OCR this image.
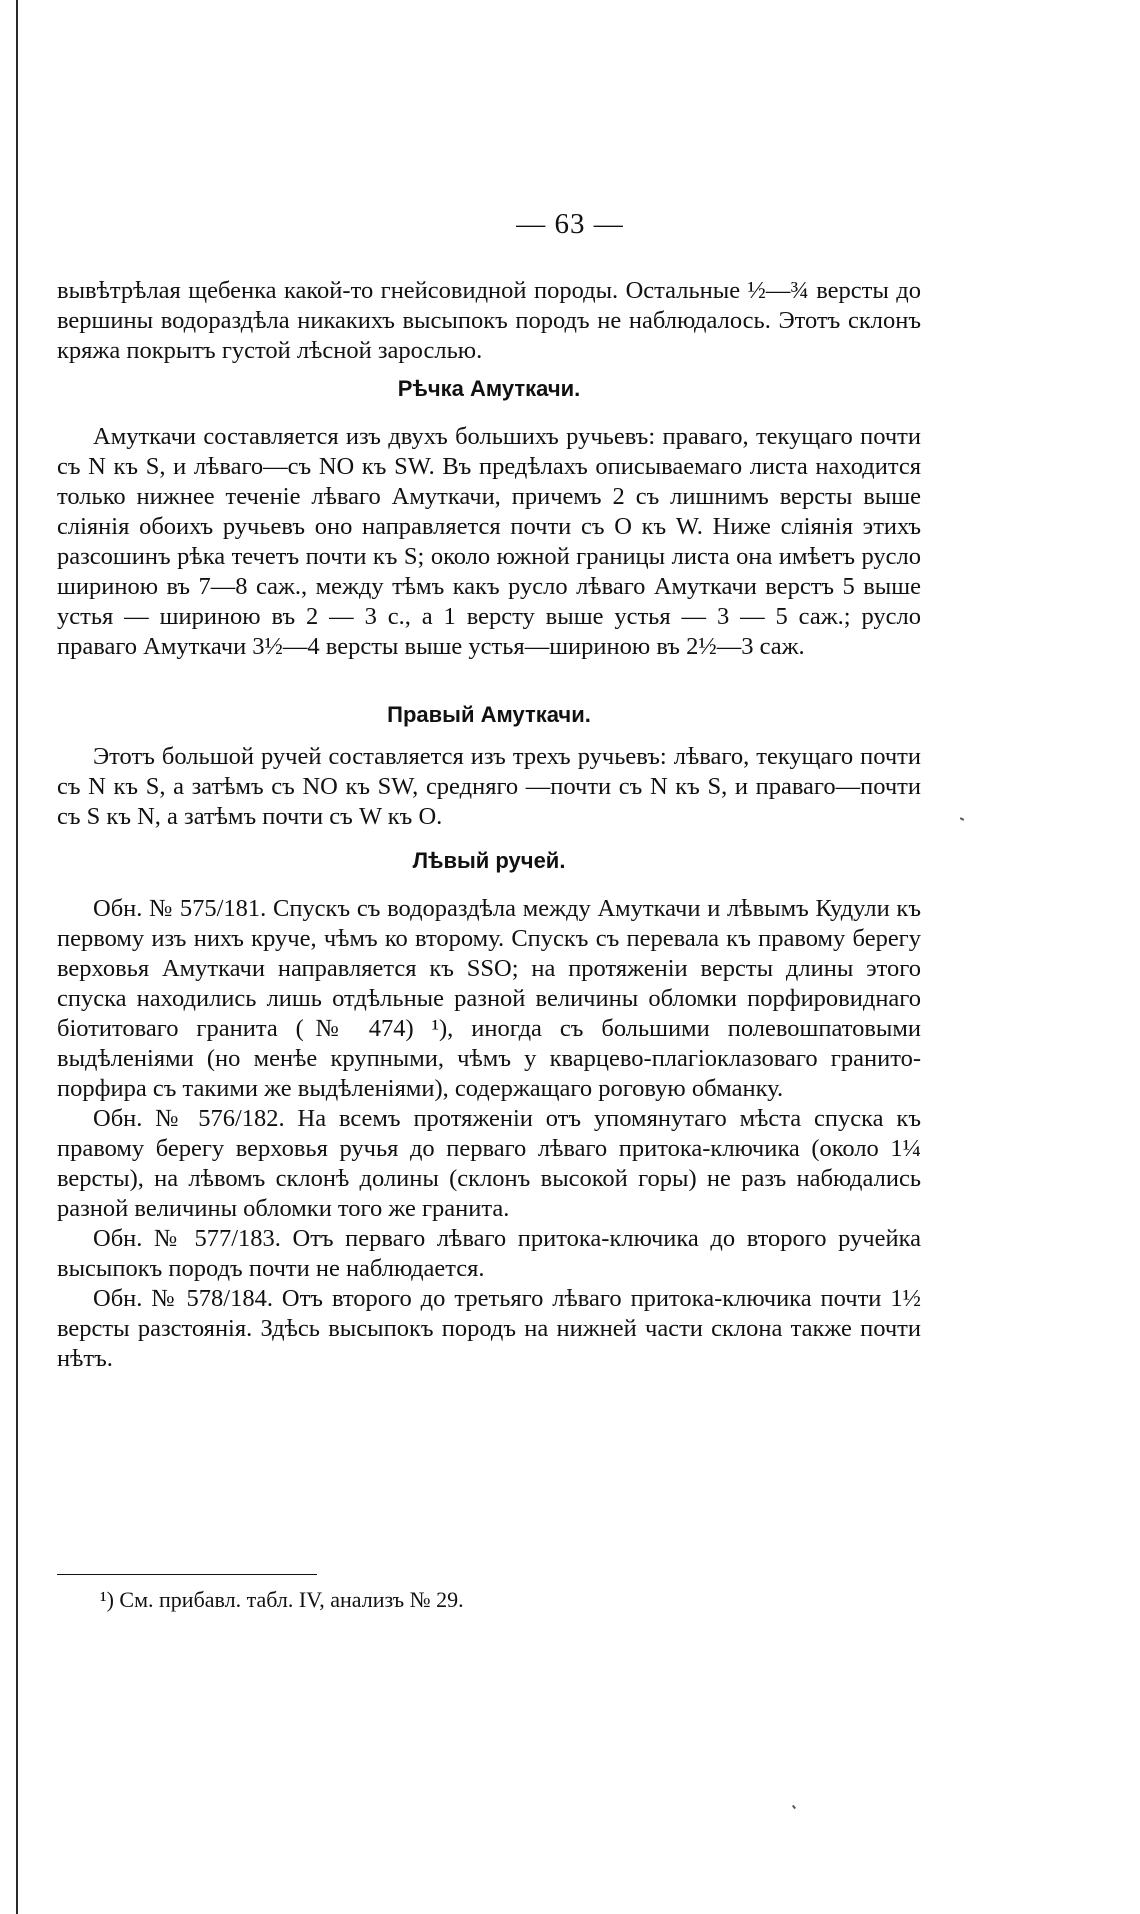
— 63 —

вывѣтрѣлая щебенка какой-то гнейсовидной породы. Остальные ½—¾ версты до вершины водораздѣла никакихъ высыпокъ породъ не наблюдалось. Этотъ склонъ кряжа покрытъ густой лѣсной зарослью.

Рѣчка Амуткачи.

Амуткачи составляется изъ двухъ большихъ ручьевъ: праваго, текущаго почти съ N къ S, и лѣваго—съ NO къ SW. Въ предѣлахъ описываемаго листа находится только нижнее теченіе лѣваго Амуткачи, причемъ 2 съ лишнимъ версты выше сліянія обоихъ ручьевъ оно направляется почти съ O къ W. Ниже сліянія этихъ разсошинъ рѣка течетъ почти къ S; около южной границы листа она имѣетъ русло шириною въ 7—8 саж., между тѣмъ какъ русло лѣваго Амуткачи верстъ 5 выше устья — шириною въ 2 — 3 с., а 1 версту выше устья — 3 — 5 саж.; русло праваго Амуткачи 3½—4 версты выше устья—шириною въ 2½—3 саж.

Правый Амуткачи.

Этотъ большой ручей составляется изъ трехъ ручьевъ: лѣваго, текущаго почти съ N къ S, а затѣмъ съ NO къ SW, средняго —почти съ N къ S, и праваго—почти съ S къ N, а затѣмъ почти съ W къ O.

Лѣвый ручей.

Обн. № 575/181. Спускъ съ водораздѣла между Амуткачи и лѣвымъ Кудули къ первому изъ нихъ круче, чѣмъ ко второму. Спускъ съ перевала къ правому берегу верховья Амуткачи направляется къ SSO; на протяженіи версты длины этого спуска находились лишь отдѣльные разной величины обломки порфировиднаго біотитоваго гранита (№ 474) ¹), иногда съ большими полевошпатовыми выдѣленіями (но менѣе крупными, чѣмъ у кварцево-плагіоклазоваго гранито-порфира съ такими же выдѣленіями), содержащаго роговую обманку.

Обн. № 576/182. На всемъ протяженіи отъ упомянутаго мѣста спуска къ правому берегу верховья ручья до перваго лѣваго притока-ключика (около 1¼ версты), на лѣвомъ склонѣ долины (склонъ высокой горы) не разъ набюдались разной величины обломки того же гранита.

Обн. № 577/183. Отъ перваго лѣваго притока-ключика до второго ручейка высыпокъ породъ почти не наблюдается.

Обн. № 578/184. Отъ второго до третьяго лѣваго притока-ключика почти 1½ версты разстоянія. Здѣсь высыпокъ породъ на нижней части склона также почти нѣтъ.

¹) См. прибавл. табл. IV, анализъ № 29.
